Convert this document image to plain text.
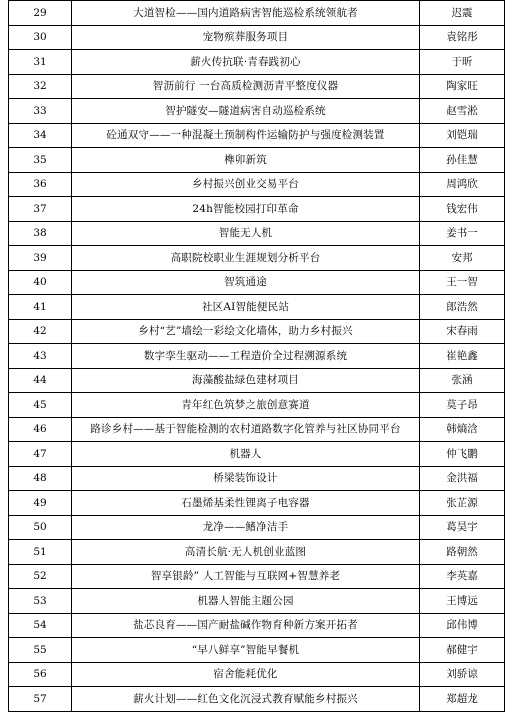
29	大道智检——国内道路病害智能巡检系统领航者	迟震
30	宠物殡葬服务项目	袁铭彤
31	薪火传抗联·青春践初心	于昕
32	智沥前行 一台高质检测沥青平整度仪器	陶家旺
33	智护隧安—隧道病害自动巡检系统	赵雪淞
34	砼通双守——一种混凝土预制构件运输防护与强度检测装置	刘铠瑞
35	榫卯新筑	孙佳慧
36	乡村振兴创业交易平台	周鸿欣
37	24h智能校园打印革命	钱宏伟
38	智能无人机	姜书一
39	高职院校职业生涯规划分析平台	安邦
40	智筑通途	王一智
41	社区AI智能便民站	郎浩然
42	乡村“艺”墙绘一彩绘文化墙体，助力乡村振兴	宋春雨
43	数字孪生驱动——工程造价全过程溯源系统	崔艳鑫
44	海藻酸盐绿色建材项目	张涵
45	青年红色筑梦之旅创意赛道	莫子昂
46	路诊乡村——基于智能检测的农村道路数字化管养与社区协同平台	韩熵浛
47	机器人	仲飞鹏
48	桥梁装饰设计	金洪福
49	石墨烯基柔性锂离子电容器	张芷源
50	龙净——鳍净洁手	葛昊宇
51	高清长航·无人机创业蓝图	路朝然
52	智享银龄” 人工智能与互联网+智慧养老	李英嘉
53	机器人智能主题公园	王博远
54	盐芯良育——国产耐盐碱作物育种新方案开拓者	邱伟博
55	“早八鲜享”智能早餐机	郝健宇
56	宿舍能耗优化	刘骄谅
57	薪火计划——红色文化沉浸式教育赋能乡村振兴	郑超龙
